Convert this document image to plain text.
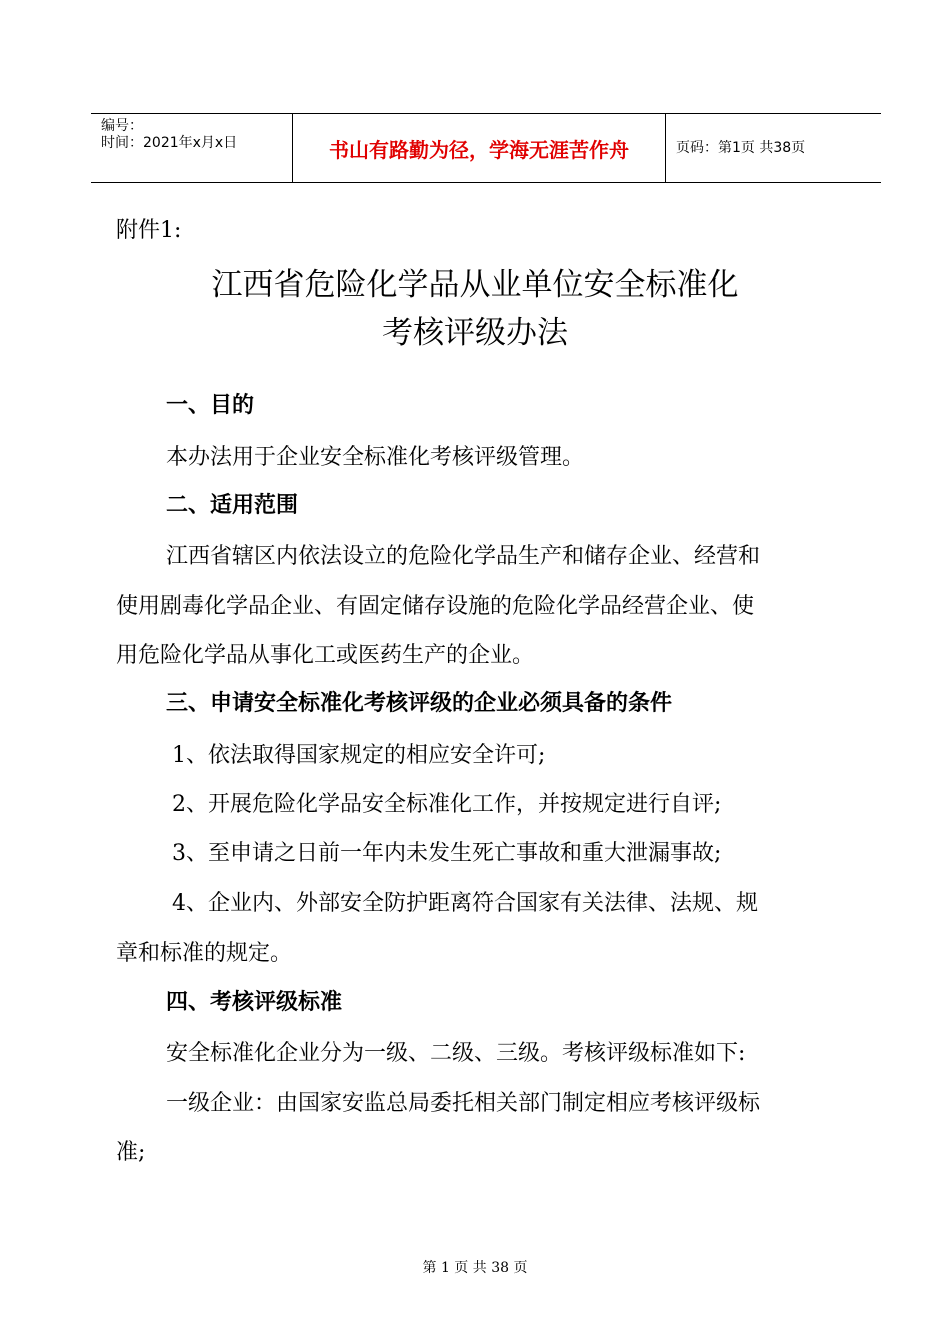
编号：
时间：2021年x月x日	书山有路勤为径，学海无涯苦作舟	页码：第1页 共38页
附件1:
江西省危险化学品从业单位安全标准化
考核评级办法
一、目的
本办法用于企业安全标准化考核评级管理。
二、适用范围
江西省辖区内依法设立的危险化学品生产和储存企业、经营和
使用剧毒化学品企业、有固定储存设施的危险化学品经营企业、使
用危险化学品从事化工或医药生产的企业。
三、申请安全标准化考核评级的企业必须具备的条件
1、依法取得国家规定的相应安全许可;
2、开展危险化学品安全标准化工作，并按规定进行自评;
3、至申请之日前一年内未发生死亡事故和重大泄漏事故;
4、企业内、外部安全防护距离符合国家有关法律、法规、规
章和标准的规定。
四、考核评级标准
安全标准化企业分为一级、二级、三级。考核评级标准如下:
一级企业：由国家安监总局委托相关部门制定相应考核评级标
准;
第 1 页 共 38 页
